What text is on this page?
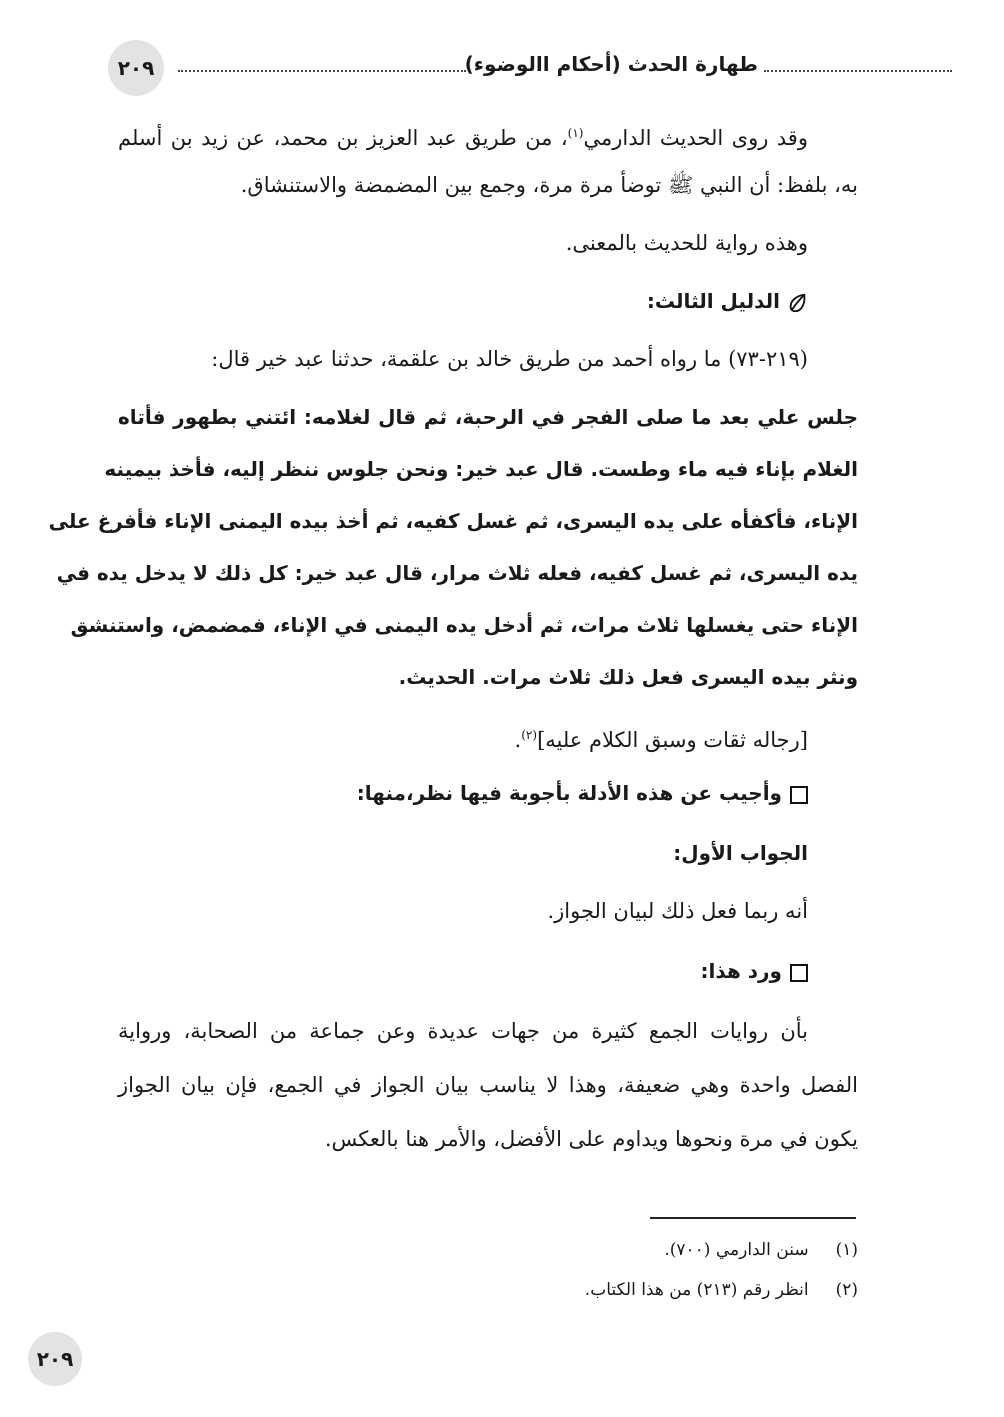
٢٠٩	طهارة الحدث (أحكام االوضوء)
وقد روى الحديث الدارمي$^{(١)}$، من طريق عبد العزيز بن محمد، عن زيد بن أسلم
به، بلفظ: أن النبي ﷺ توضأ مرة مرة، وجمع بين المضمضة والاستنشاق.
وهذه رواية للحديث بالمعنى.
الدليل الثالث:
(٢١٩-٧٣) ما رواه أحمد من طريق خالد بن علقمة، حدثنا عبد خير قال:
جلس علي بعد ما صلى الفجر في الرحبة، ثم قال لغلامه: ائتني بطهور فأتاه
الغلام بإناء فيه ماء وطست. قال عبد خير: ونحن جلوس ننظر إليه، فأخذ بيمينه
الإناء، فأكفأه على يده اليسرى، ثم غسل كفيه، ثم أخذ بيده اليمنى الإناء فأفرغ على
يده اليسرى، ثم غسل كفيه، فعله ثلاث مرار، قال عبد خير: كل ذلك لا يدخل يده في
الإناء حتى يغسلها ثلاث مرات، ثم أدخل يده اليمنى في الإناء، فمضمض، واستنشق
ونثر بيده اليسرى فعل ذلك ثلاث مرات. الحديث.
[رجاله ثقات وسبق الكلام عليه]$^{(٢)}$.
وأجيب عن هذه الأدلة بأجوبة فيها نظر،منها:
الجواب الأول:
أنه ربما فعل ذلك لبيان الجواز.
ورد هذا:
بأن روايات الجمع كثيرة من جهات عديدة وعن جماعة من الصحابة، ورواية
الفصل واحدة وهي ضعيفة، وهذا لا يناسب بيان الجواز في الجمع، فإن بيان الجواز
يكون في مرة ونحوها ويداوم على الأفضل، والأمر هنا بالعكس.
(١) سنن الدارمي (٧٠٠).
(٢) انظر رقم (٢١٣) من هذا الكتاب.
٢٠٩
